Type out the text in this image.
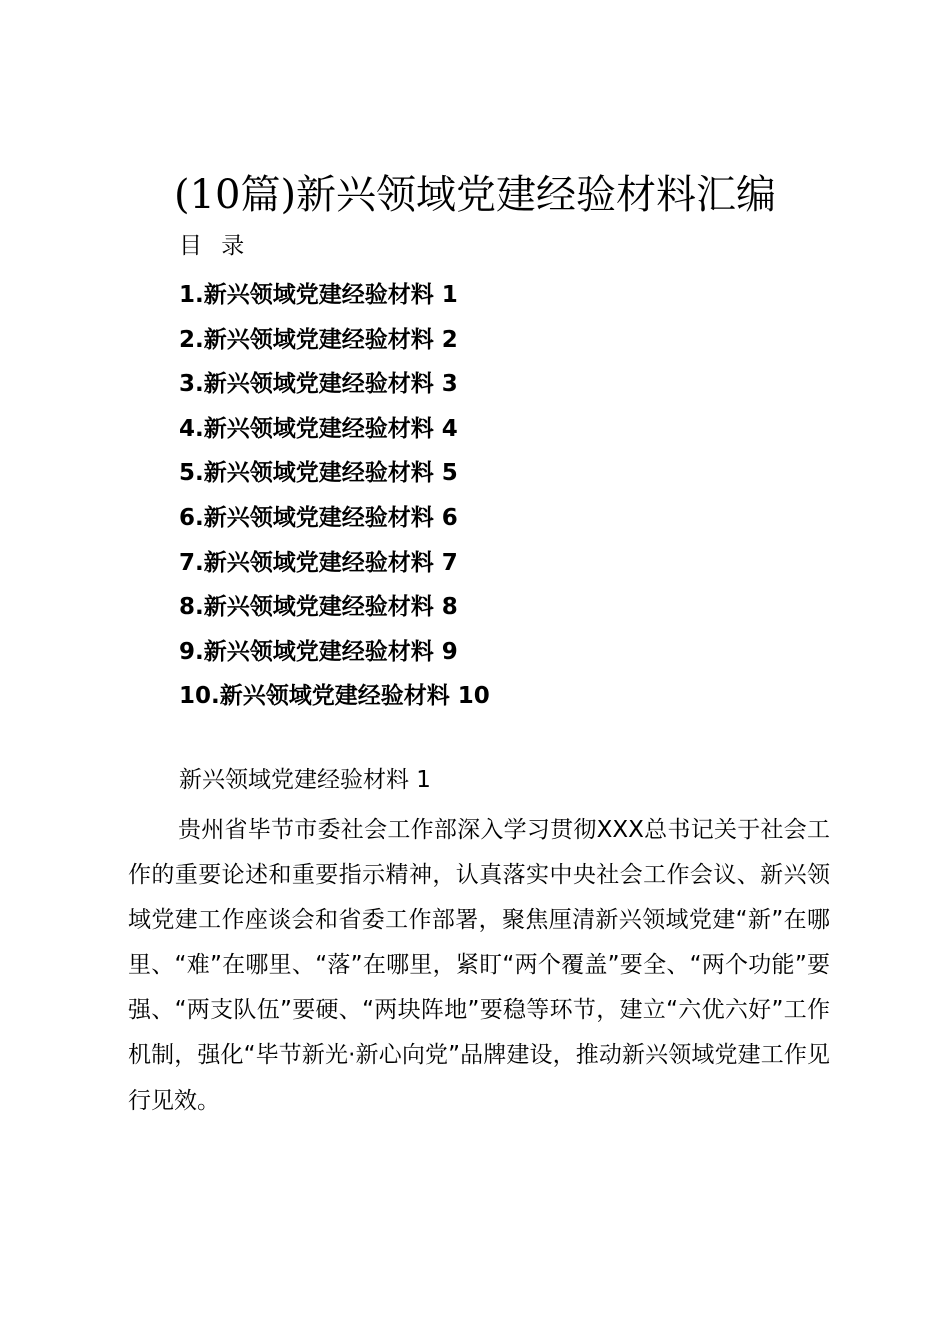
(10篇)新兴领域党建经验材料汇编
目 录
1.新兴领域党建经验材料 1
2.新兴领域党建经验材料 2
3.新兴领域党建经验材料 3
4.新兴领域党建经验材料 4
5.新兴领域党建经验材料 5
6.新兴领域党建经验材料 6
7.新兴领域党建经验材料 7
8.新兴领域党建经验材料 8
9.新兴领域党建经验材料 9
10.新兴领域党建经验材料 10
新兴领域党建经验材料 1

贵州省毕节市委社会工作部深入学习贯彻XXX总书记关于社会工作的重要论述和重要指示精神，认真落实中央社会工作会议、新兴领域党建工作座谈会和省委工作部署，聚焦厘清新兴领域党建“新”在哪里、“难”在哪里、“落”在哪里，紧盯“两个覆盖”要全、“两个功能”要强、“两支队伍”要硬、“两块阵地”要稳等环节，建立“六优六好”工作机制，强化“毕节新光·新心向党”品牌建设，推动新兴领域党建工作见行见效。
